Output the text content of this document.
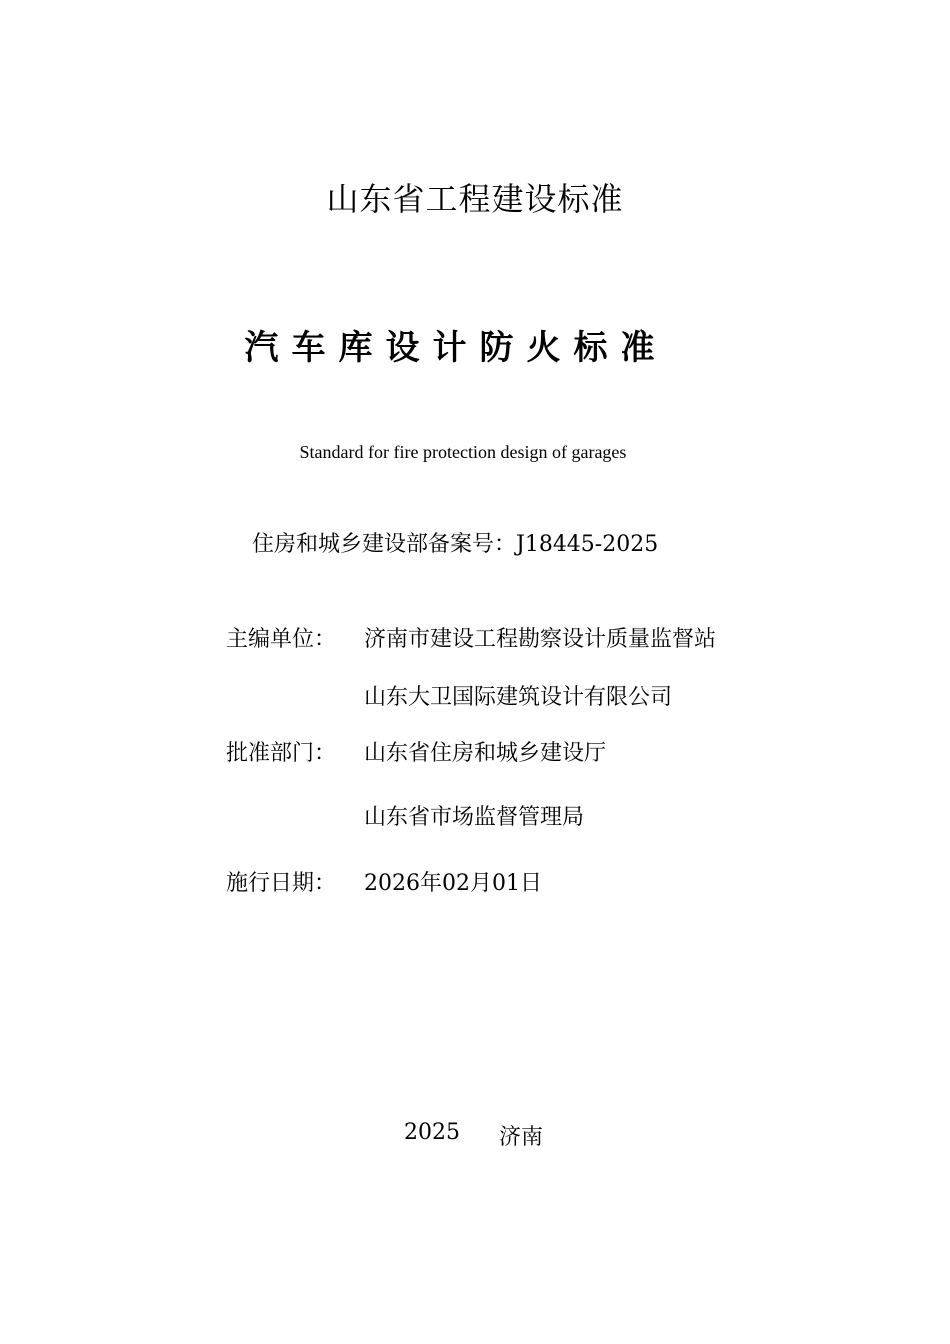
山东省工程建设标准
汽车库设计防火标准
Standard for fire protection design of garages
住房和城乡建设部备案号：J18445-2025
主编单位： 济南市建设工程勘察设计质量监督站
山东大卫国际建筑设计有限公司
批准部门： 山东省住房和城乡建设厅
山东省市场监督管理局
施行日期： 2026年02月01日
2025 济南
